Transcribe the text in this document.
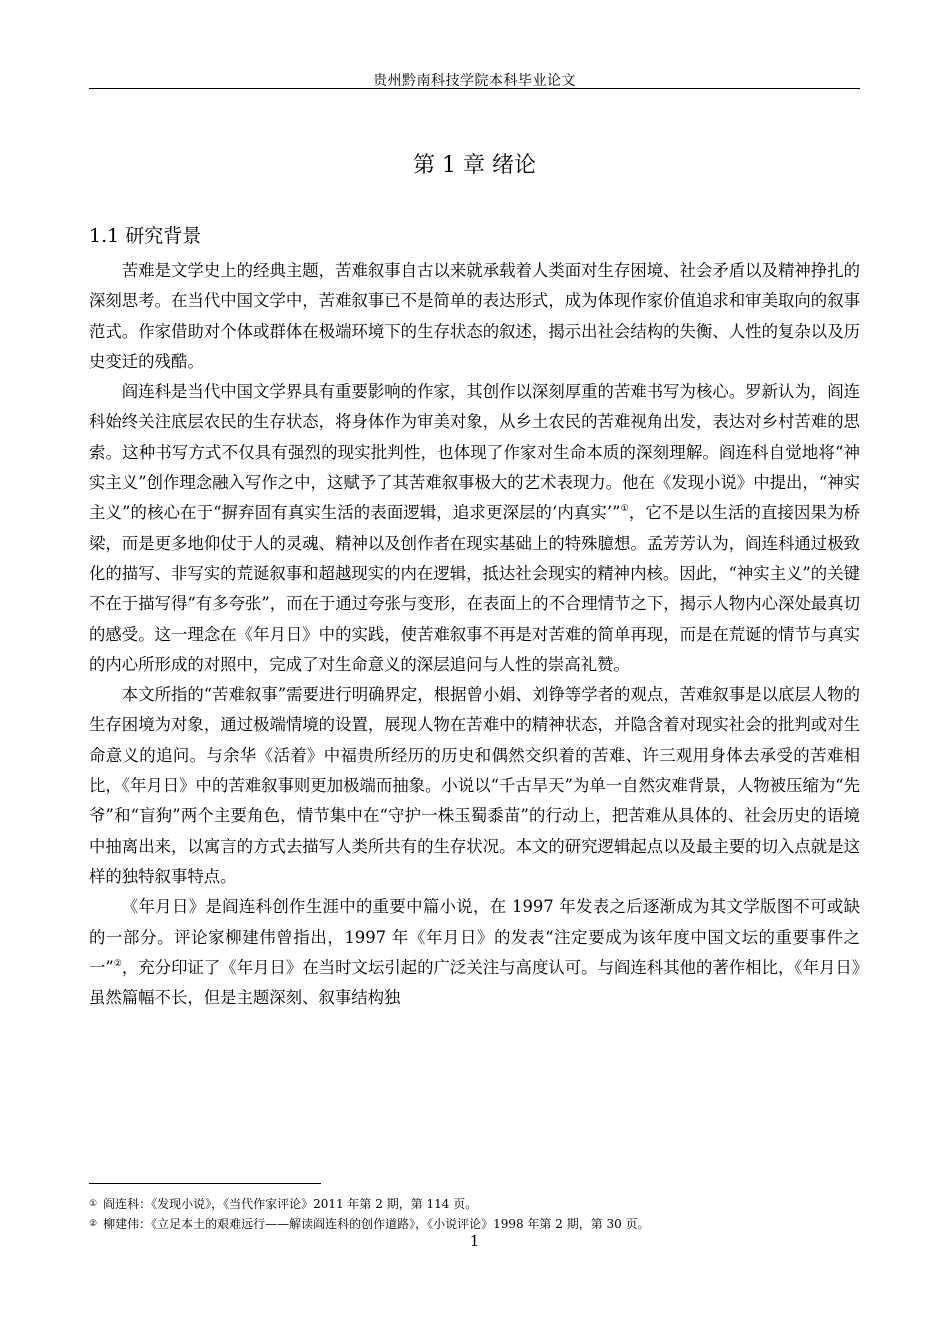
贵州黔南科技学院本科毕业论文
第 1 章 绪论
1.1 研究背景

苦难是文学史上的经典主题，苦难叙事自古以来就承载着人类面对生存困境、社会矛盾以及精神挣扎的深刻思考。在当代中国文学中，苦难叙事已不是简单的表达形式，成为体现作家价值追求和审美取向的叙事范式。作家借助对个体或群体在极端环境下的生存状态的叙述，揭示出社会结构的失衡、人性的复杂以及历史变迁的残酷。

阎连科是当代中国文学界具有重要影响的作家，其创作以深刻厚重的苦难书写为核心。罗新认为，阎连科始终关注底层农民的生存状态，将身体作为审美对象，从乡土农民的苦难视角出发，表达对乡村苦难的思索。这种书写方式不仅具有强烈的现实批判性，也体现了作家对生命本质的深刻理解。阎连科自觉地将“神实主义”创作理念融入写作之中，这赋予了其苦难叙事极大的艺术表现力。他在《发现小说》中提出，“神实主义”的核心在于“摒弃固有真实生活的表面逻辑，追求更深层的‘内真实’”①，它不是以生活的直接因果为桥梁，而是更多地仰仗于人的灵魂、精神以及创作者在现实基础上的特殊臆想。孟芳芳认为，阎连科通过极致化的描写、非写实的荒诞叙事和超越现实的内在逻辑，抵达社会现实的精神内核。因此，“神实主义”的关键不在于描写得“有多夸张”，而在于通过夸张与变形，在表面上的不合理情节之下，揭示人物内心深处最真切的感受。这一理念在《年月日》中的实践，使苦难叙事不再是对苦难的简单再现，而是在荒诞的情节与真实的内心所形成的对照中，完成了对生命意义的深层追问与人性的崇高礼赞。

本文所指的“苦难叙事”需要进行明确界定，根据曾小娟、刘铮等学者的观点，苦难叙事是以底层人物的生存困境为对象，通过极端情境的设置，展现人物在苦难中的精神状态，并隐含着对现实社会的批判或对生命意义的追问。与余华《活着》中福贵所经历的历史和偶然交织着的苦难、许三观用身体去承受的苦难相比，《年月日》中的苦难叙事则更加极端而抽象。小说以“千古旱天”为单一自然灾难背景，人物被压缩为“先爷”和“盲狗”两个主要角色，情节集中在“守护一株玉蜀黍苗”的行动上，把苦难从具体的、社会历史的语境中抽离出来，以寓言的方式去描写人类所共有的生存状况。本文的研究逻辑起点以及最主要的切入点就是这样的独特叙事特点。

《年月日》是阎连科创作生涯中的重要中篇小说，在 1997 年发表之后逐渐成为其文学版图不可或缺的一部分。评论家柳建伟曾指出，1997 年《年月日》的发表“注定要成为该年度中国文坛的重要事件之一”②，充分印证了《年月日》在当时文坛引起的广泛关注与高度认可。与阎连科其他的著作相比，《年月日》虽然篇幅不长，但是主题深刻、叙事结构独

① 阎连科：《发现小说》，《当代作家评论》2011 年第 2 期，第 114 页。
② 柳建伟：《立足本土的艰难远行——解读阎连科的创作道路》，《小说评论》1998 年第 2 期，第 30 页。
1
